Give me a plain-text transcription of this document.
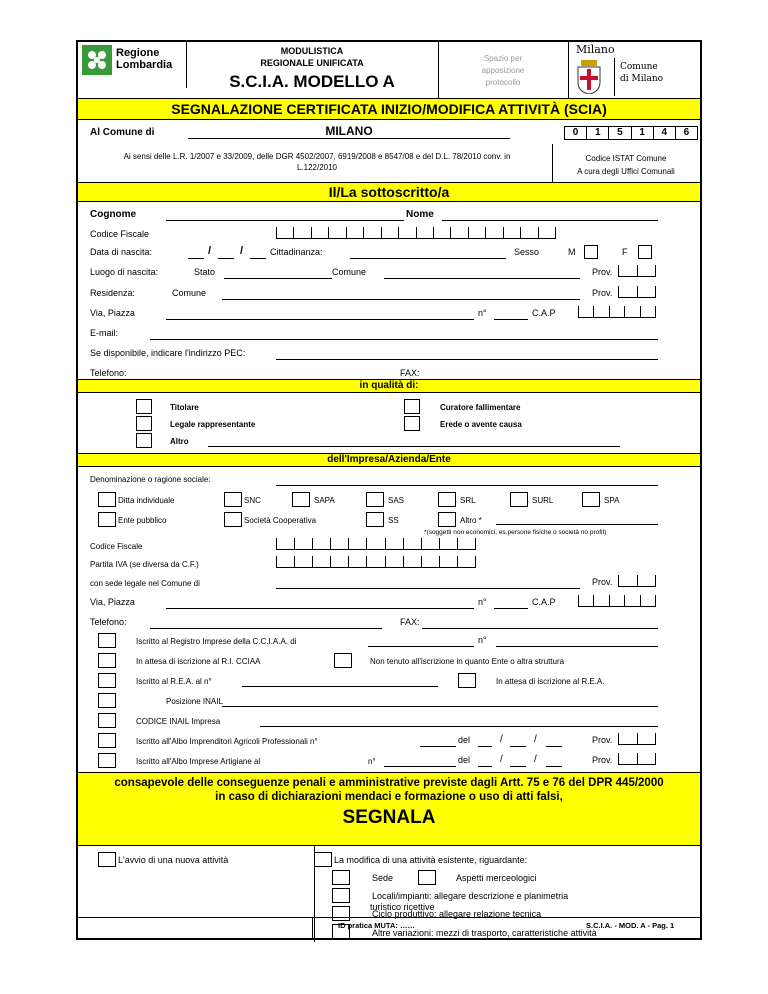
Regione
Lombardia
MODULISTICA
REGIONALE UNIFICATA
S.C.I.A. MODELLO A
Spazio per
apposizione
protocollo
Milano
Comune
di Milano
SEGNALAZIONE CERTIFICATA INIZIO/MODIFICA ATTIVITÀ (SCIA)
Al Comune di	MILANO	0	1	5	1	4	6
Ai sensi delle L.R. 1/2007 e 33/2009, delle DGR 4502/2007, 6919/2008 e 8547/08 e del D.L. 78/2010 conv. in
L.122/2010
Codice ISTAT Comune
A cura degli Uffici Comunali
Il/La sottoscritto/a
Cognome	Nome
Codice Fiscale
Data di nascita:	/	/	Cittadinanza:	Sesso	M	F
Luogo di nascita:	Stato	Comune	Prov.
Residenza:	Comune	Prov.
Via, Piazza	n°	C.A.P
E-mail:
Se disponibile, indicare l'indirizzo PEC:
Telefono:	FAX:
in qualità di:
Titolare	Curatore fallimentare
Legale rappresentante	Erede o avente causa
Altro
dell'Impresa/Azienda/Ente
Denominazione o ragione sociale:
Ditta individuale	SNC	SAPA	SAS	SRL	SURL	SPA
Ente pubblico	Società Cooperativa	SS	Altro *
*(soggetti non economici, es.persone fisiche o società no profit)
Codice Fiscale
Partita IVA (se diversa da C.F.)
con sede legale nel Comune di	Prov.
Via, Piazza	n°	C.A.P
Telefono:	FAX:
Iscritto al Registro Imprese della C.C.I.A.A. di	n°
In attesa di iscrizione al R.I. CCIAA	Non tenuto all'iscrizione in quanto Ente o altra struttura
Iscritto al R.E.A. al n°	In attesa di iscrizione al R.E.A.
Posizione INAIL
CODICE INAIL Impresa
Iscritto all'Albo Imprenditori Agricoli Professionali n°	del	/	/	Prov.
Iscritto all'Albo Imprese Artigiane al	n°	del	/	/	Prov.
consapevole delle conseguenze penali e amministrative previste dagli Artt. 75 e 76 del DPR 445/2000
in caso di dichiarazioni mendaci e formazione o uso di atti falsi,
SEGNALA
L'avvio di una nuova attività	La modifica di una attività esistente, riguardante:
Sede	Aspetti merceologici
Locali/impianti: allegare descrizione e planimetria
Ciclo produttivo: allegare relazione tecnica
Altre variazioni: mezzi di trasporto, caratteristiche attività
turistico ricettive
ID pratica MUTA: ……	S.C.I.A. - MOD. A - Pag. 1
